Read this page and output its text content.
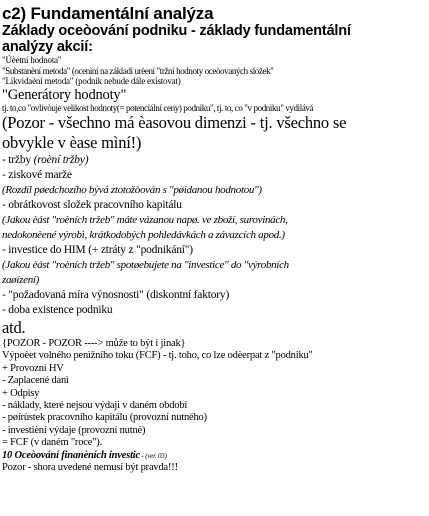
c2) Fundamentální analýza

Základy oceòování podniku - základy fundamentální

analýzy akcií:

"Úèetní hodnota"

"Substanèní metoda" (ocenìní na základì urèení "tržní hodnoty oceòovaných složek"

"Likvidaèní metoda" (podnik nebude dále existovat)

"Generátory hodnoty"

tj. to,co "ovlivòuje velikost hodnoty(= potenciální ceny) podniku", tj. to, co "v podniku" vydìlává

(Pozor - všechno má èasovou dimenzi - tj. všechno se

obvykle v èase mìní!)

- tržby (roèní tržby)

- ziskové marže

(Rozdíl pøedchozího bývá ztotožòován s "pøidanou hodnotou")

- obrátkovost složek pracovního kapitálu

(Jakou èást "roèních tržeb" máte vázanou napø. ve zboží, surovinách,

nedokonèené výrobì, krátkodobých pohledávkách a závazcích apod.)

- investice do HIM (+ ztráty z "podnikání")

(Jakou èást "roèních tržeb" spotøebujete na "investice" do "výrobních

zaøízení)

- "požadovaná míra výnosnosti" (diskontní faktory)

- doba existence podniku

atd.

{POZOR - POZOR ----> může to být i jinak}

Výpoèet volného penìžního toku (FCF) - tj. toho, co lze odèerpat z "podniku"

+ Provozní HV

- Zaplacené danì

+ Odpisy

- náklady, které nejsou výdaji v daném období

- pøírùstek pracovního kapitálu (provozní nutného)

- investièní výdaje (provozní nutné)

= FCF (v daném "roce").

10 Oceòování finanèních investic - (ver. 03)

Pozor - shora uvedené nemusí být pravda!!!
